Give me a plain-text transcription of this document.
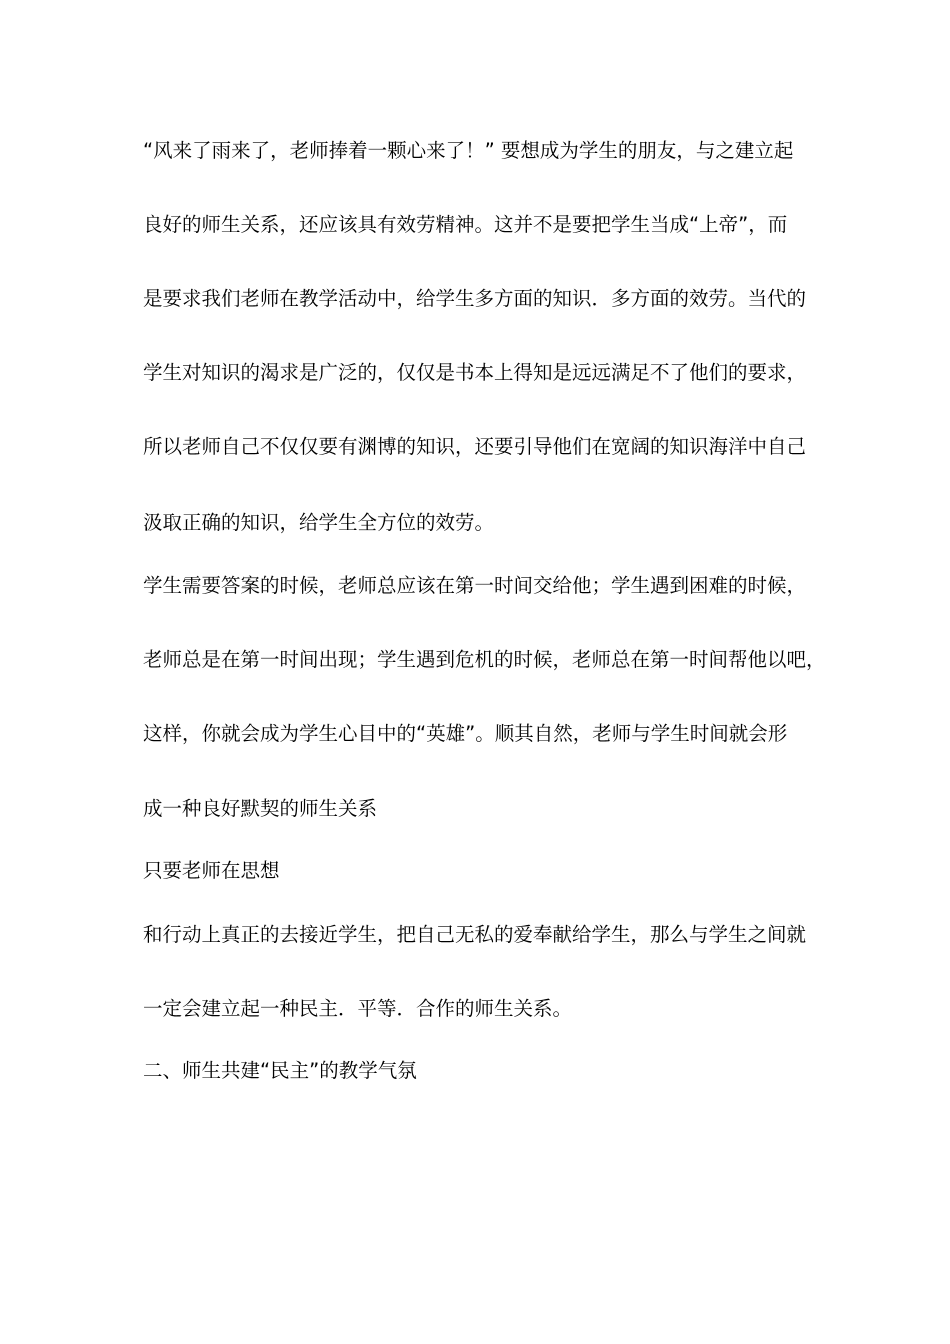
“风来了雨来了，老师捧着一颗心来了！” 要想成为学生的朋友，与之建立起
良好的师生关系，还应该具有效劳精神。这并不是要把学生当成“上帝”，而
是要求我们老师在教学活动中，给学生多方面的知识．多方面的效劳。当代的
学生对知识的渴求是广泛的，仅仅是书本上得知是远远满足不了他们的要求，
所以老师自己不仅仅要有渊博的知识，还要引导他们在宽阔的知识海洋中自己
汲取正确的知识，给学生全方位的效劳。
学生需要答案的时候，老师总应该在第一时间交给他；学生遇到困难的时候，
老师总是在第一时间出现；学生遇到危机的时候，老师总在第一时间帮他以吧，
这样，你就会成为学生心目中的“英雄”。顺其自然，老师与学生时间就会形
成一种良好默契的师生关系
只要老师在思想
和行动上真正的去接近学生，把自己无私的爱奉献给学生，那么与学生之间就
一定会建立起一种民主．平等．合作的师生关系。
二、师生共建“民主”的教学气氛
